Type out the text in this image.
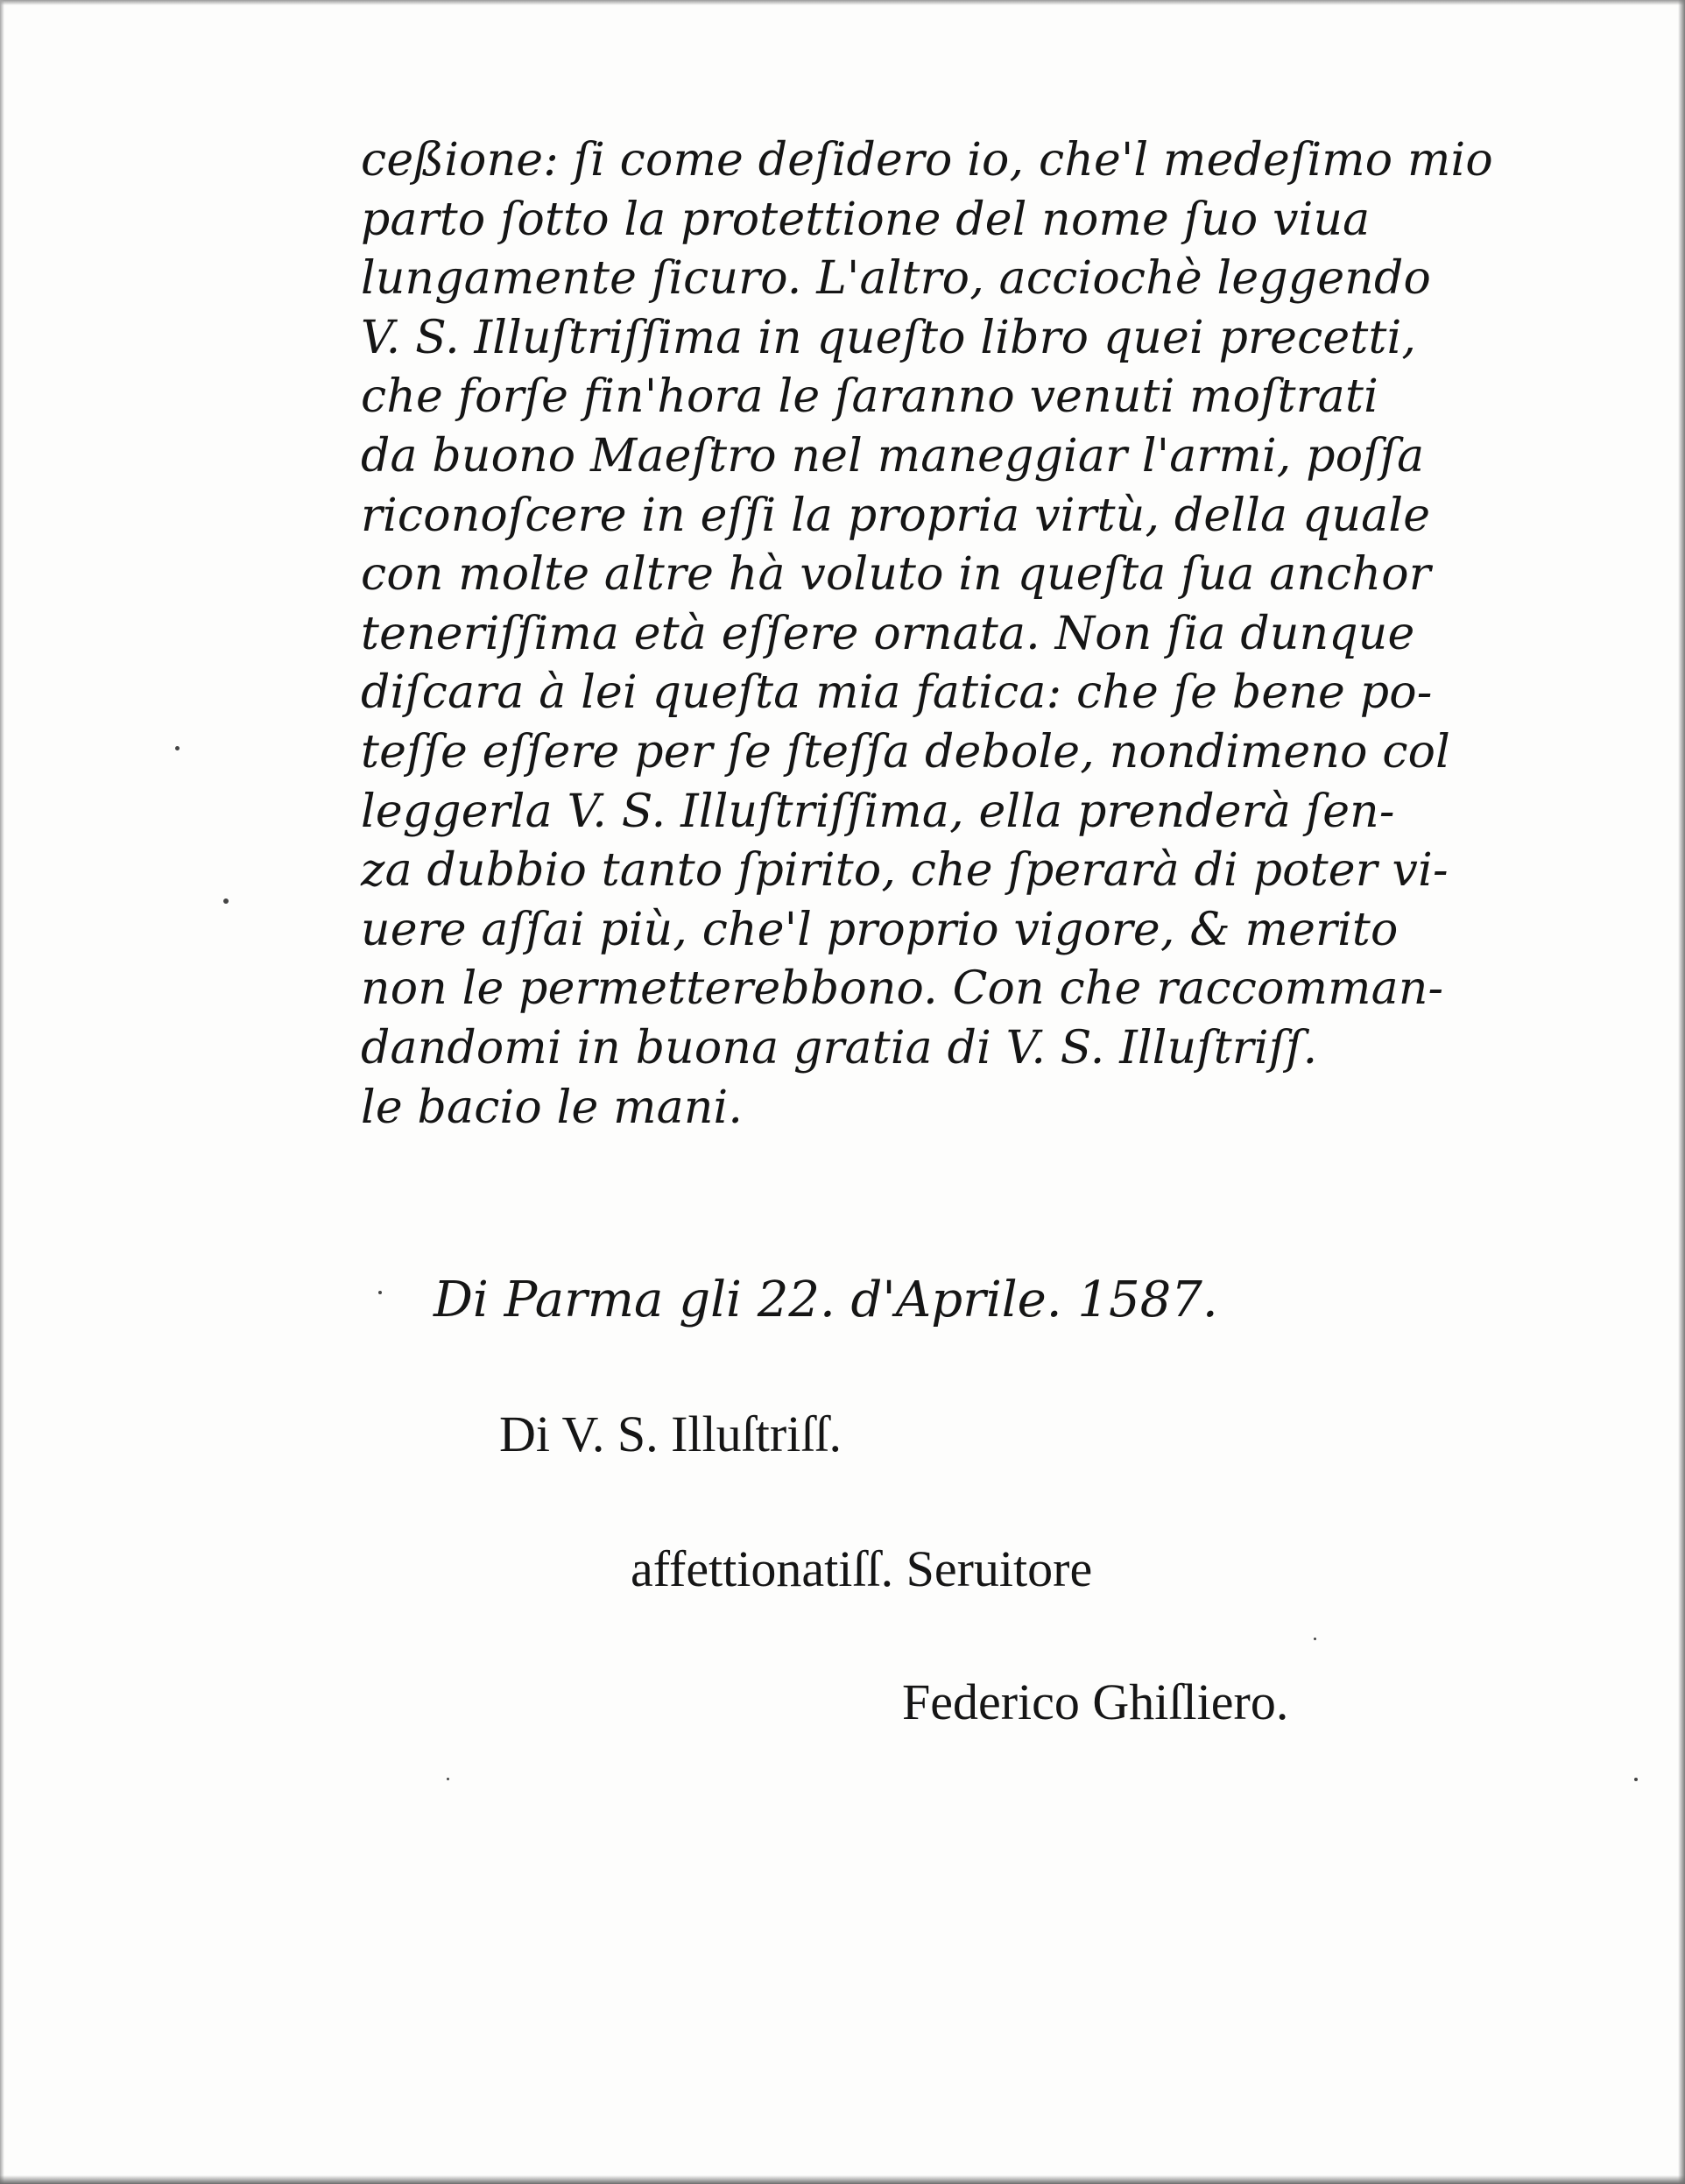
ceßione: ſi come deſidero io, che'l medeſimo mio
parto ſotto la protettione del nome ſuo viua
lungamente ſicuro. L'altro, acciochè leggendo
V. S. Illuſtriſſima in queſto libro quei precetti,
che forſe fin'hora le ſaranno venuti moſtrati
da buono Maeſtro nel maneggiar l'armi, poſſa
riconoſcere in eſſi la propria virtù, della quale
con molte altre hà voluto in queſta ſua anchor
teneriſſima età eſſere ornata. Non ſia dunque
diſcara à lei queſta mia fatica: che ſe bene po-
teſſe eſſere per ſe ſteſſa debole, nondimeno col
leggerla V. S. Illuſtriſſima, ella prenderà ſen-
za dubbio tanto ſpirito, che ſperarà di poter vi-
uere aſſai più, che'l proprio vigore, & merito
non le permetterebbono. Con che raccomman-
dandomi in buona gratia di V. S. Illuſtriſſ.
le bacio le mani.

Di Parma gli 22. d'Aprile. 1587.

Di V. S. Illuſtriſſ.

affettionatiſſ. Seruitore

Federico Ghiſliero.
